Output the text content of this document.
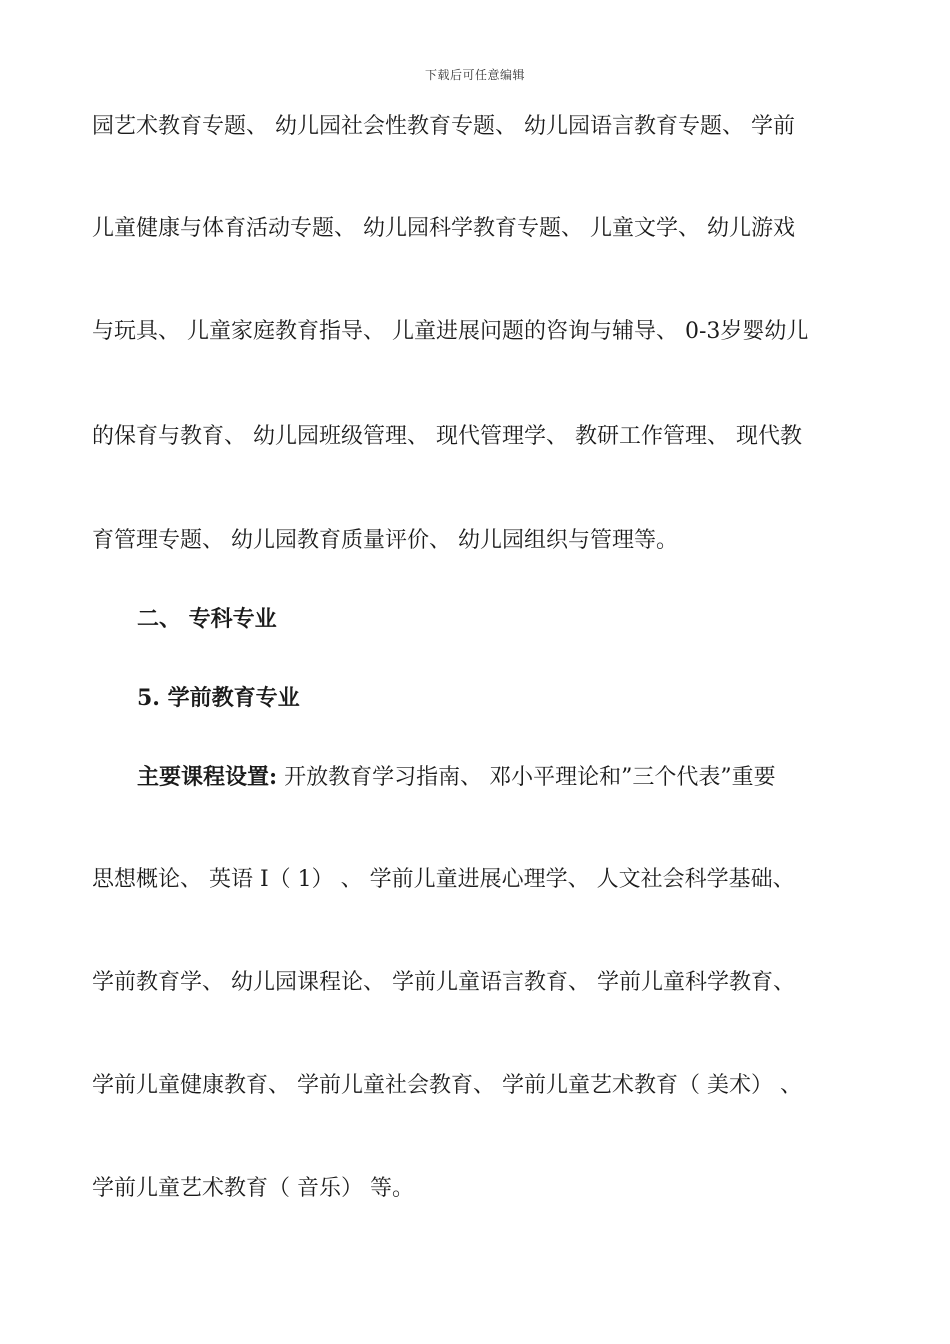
下载后可任意编辑
园艺术教育专题、 幼儿园社会性教育专题、 幼儿园语言教育专题、 学前
儿童健康与体育活动专题、 幼儿园科学教育专题、 儿童文学、 幼儿游戏
与玩具、 儿童家庭教育指导、 儿童进展问题的咨询与辅导、 0-3岁婴幼儿
的保育与教育、 幼儿园班级管理、 现代管理学、 教研工作管理、 现代教
育管理专题、 幼儿园教育质量评价、 幼儿园组织与管理等。
二、 专科专业
5. 学前教育专业
主要课程设置: 开放教育学习指南、 邓小平理论和”三个代表”重要
思想概论、 英语 I（ 1） 、 学前儿童进展心理学、 人文社会科学基础、
学前教育学、 幼儿园课程论、 学前儿童语言教育、 学前儿童科学教育、
学前儿童健康教育、 学前儿童社会教育、 学前儿童艺术教育（ 美术） 、
学前儿童艺术教育（ 音乐） 等。
